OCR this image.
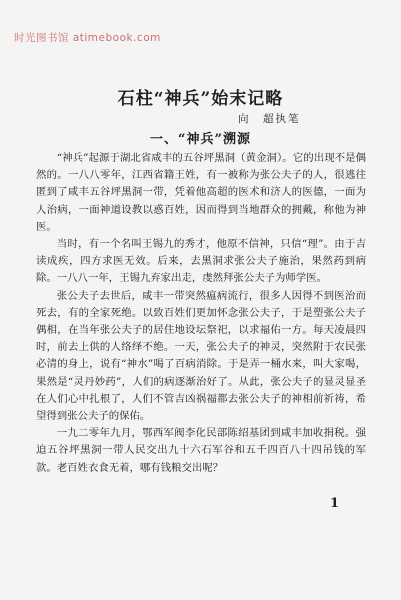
时光图书馆 atimebook.com
石柱“神兵”始末记略
向　超执笔
一、“神兵”溯源

“神兵”起源于湖北省咸丰的五谷坪黑洞（黄金洞）。它的出现不是偶然的。一八八零年，江西省籍王姓，有一被称为张公夫子的人，很逃往匿到了咸丰五谷坪黑洞一带，凭着他高超的医术和济人的医德，一面为人治病，一面神道设教以惑百姓，因而得到当地群众的拥戴，称他为神医。

当时，有一个名叫王锡九的秀才，他原不信神，只信“理”。由于吉读成疾，四方求医无效。后来，去黑洞求张公夫子施治，果然药到病除。一八八一年，王锡九弃家出走，虔然拜张公夫子为师学医。

张公夫子去世后，咸丰一带突然瘟病流行，很多人因得不到医治而死去，有的全家死绝。以致百姓们更加怀念张公夫子，于是塑张公夫子偶相，在当年张公夫子的居住地设坛祭祀，以求福佑一方。每天凌晨四时，前去上供的人络绎不绝。一天，张公夫子的神灵，突然附于农民张必清的身上，说有“神水”喝了百病消除。于是弄一桶水来，叫大家喝，果然是“灵丹妙药”，人们的病逐渐治好了。从此，张公夫子的显灵显圣在人们心中扎根了，人们不管吉凶祸福都去张公夫子的神相前祈祷，希望得到张公夫子的保佑。

一九二零年九月，鄂西军阀李化民部陈绍基团到咸丰加收捐税。强迫五谷坪黑洞一带人民交出九十六石军谷和五千四百八十四吊钱的军款。老百姓衣食无着，哪有钱粮交出呢？

1
